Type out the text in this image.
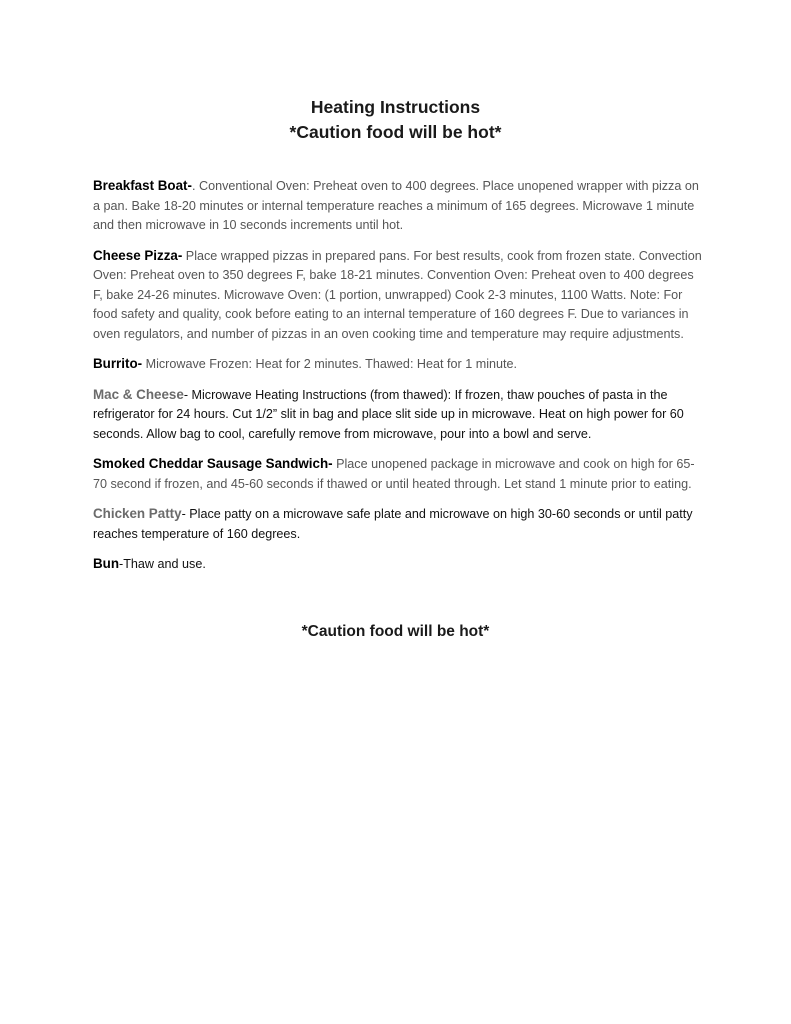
Heating Instructions
*Caution food will be hot*

Breakfast Boat-. Conventional Oven: Preheat oven to 400 degrees. Place unopened wrapper with pizza on a pan. Bake 18-20 minutes or internal temperature reaches a minimum of 165 degrees. Microwave 1 minute and then microwave in 10 seconds increments until hot.

Cheese Pizza- Place wrapped pizzas in prepared pans. For best results, cook from frozen state. Convection Oven: Preheat oven to 350 degrees F, bake 18-21 minutes. Convention Oven: Preheat oven to 400 degrees F, bake 24-26 minutes. Microwave Oven: (1 portion, unwrapped) Cook 2-3 minutes, 1100 Watts. Note: For food safety and quality, cook before eating to an internal temperature of 160 degrees F. Due to variances in oven regulators, and number of pizzas in an oven cooking time and temperature may require adjustments.

Burrito- Microwave Frozen: Heat for 2 minutes. Thawed: Heat for 1 minute.

Mac & Cheese- Microwave Heating Instructions (from thawed): If frozen, thaw pouches of pasta in the refrigerator for 24 hours. Cut 1/2” slit in bag and place slit side up in microwave. Heat on high power for 60 seconds. Allow bag to cool, carefully remove from microwave, pour into a bowl and serve.

Smoked Cheddar Sausage Sandwich- Place unopened package in microwave and cook on high for 65-70 second if frozen, and 45-60 seconds if thawed or until heated through. Let stand 1 minute prior to eating.

Chicken Patty- Place patty on a microwave safe plate and microwave on high 30-60 seconds or until patty reaches temperature of 160 degrees.

Bun-Thaw and use.

*Caution food will be hot*
